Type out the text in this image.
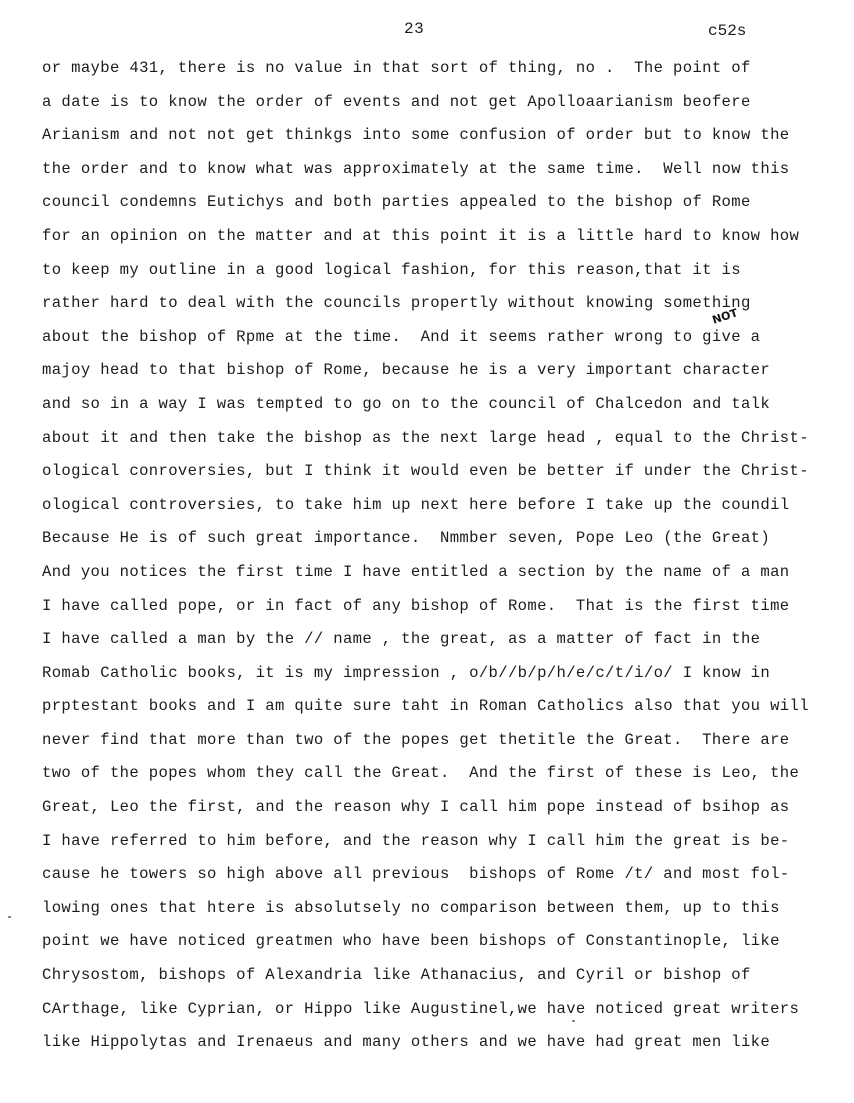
23	c52s
NOT
or maybe 431, there is no value in that sort of thing, no .  The point of
a date is to know the order of events and not get Apolloaarianism beofere
Arianism and not not get thinkgs into some confusion of order but to know the
the order and to know what was approximately at the same time.  Well now this
council condemns Eutichys and both parties appealed to the bishop of Rome
for an opinion on the matter and at this point it is a little hard to know how
to keep my outline in a good logical fashion, for this reason,that it is
rather hard to deal with the councils propertly without knowing something
about the bishop of Rpme at the time.  And it seems rather wrong to give a
majoy head to that bishop of Rome, because he is a very important character
and so in a way I was tempted to go on to the council of Chalcedon and talk
about it and then take the bishop as the next large head , equal to the Christ-
ological conroversies, but I think it would even be better if under the Christ-
ological controversies, to take him up next here before I take up the coundil
Because He is of such great importance.  Nmmber seven, Pope Leo (the Great)
And you notices the first time I have entitled a section by the name of a man
I have called pope, or in fact of any bishop of Rome.  That is the first time
I have called a man by the // name , the great, as a matter of fact in the
Romab Catholic books, it is my impression , o/b//b/p/h/e/c/t/i/o/ I know in
prptestant books and I am quite sure taht in Roman Catholics also that you will
never find that more than two of the popes get thetitle the Great.  There are
two of the popes whom they call the Great.  And the first of these is Leo, the
Great, Leo the first, and the reason why I call him pope instead of bsihop as
I have referred to him before, and the reason why I call him the great is be-
cause he towers so high above all previous  bishops of Rome /t/ and most fol-
lowing ones that htere is absolutsely no comparison between them, up to this
point we have noticed greatmen who have been bishops of Constantinople, like
Chrysostom, bishops of Alexandria like Athanacius, and Cyril or bishop of
CArthage, like Cyprian, or Hippo like Augustinel,we have noticed great writers
like Hippolytas and Irenaeus and many others and we have had great men like
